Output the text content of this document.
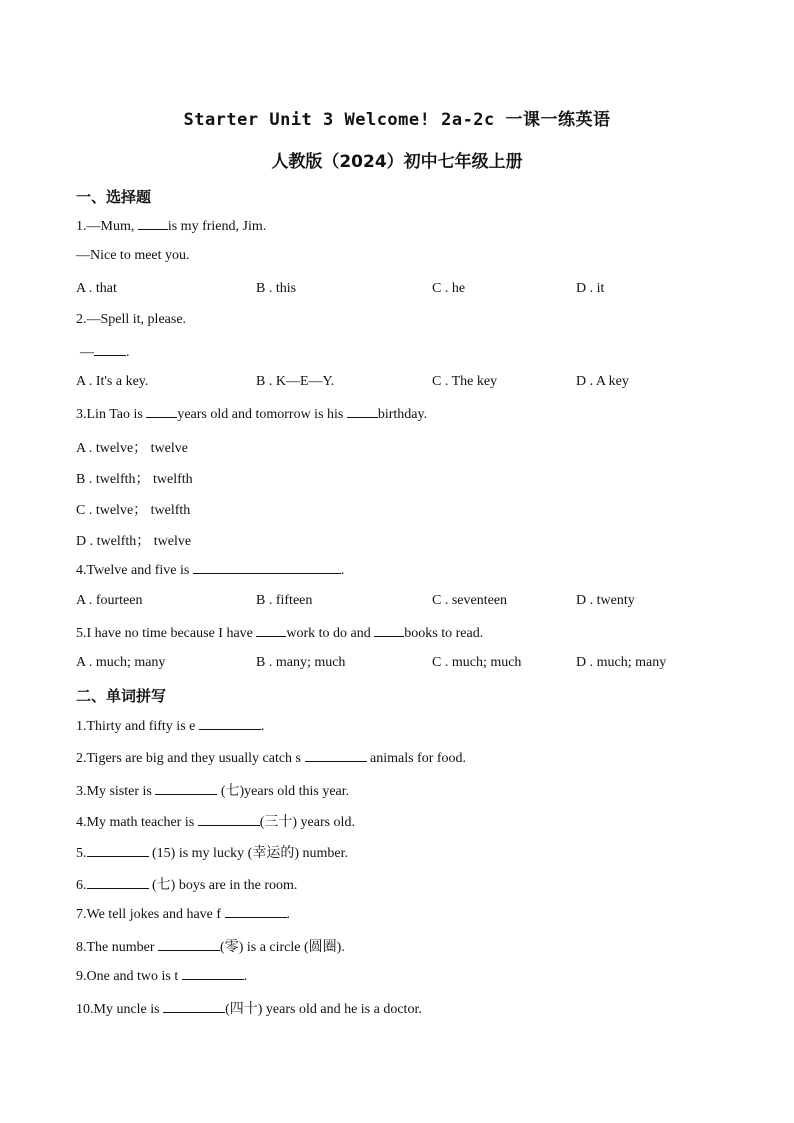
Starter Unit 3 Welcome! 2a-2c 一课一练英语
人教版（2024）初中七年级上册
一、选择题
1.—Mum, is my friend, Jim.
—Nice to meet you.
A . that	B . this	C . he	D . it
2.—Spell it, please.
— .
A . It's a key.	B . K—E—Y.	C . The key	D . A key
3.Lin Tao is years old and tomorrow is his birthday.
A . twelve； twelve
B . twelfth； twelfth
C . twelve； twelfth
D . twelfth； twelve
4.Twelve and five is	.
A . fourteen	B . fifteen	C . seventeen	D . twenty
5.I have no time because I have work to do and books to read.
A . much; many	B . many; much	C . much; much	D . much; many
二、单词拼写
1.Thirty and fifty is e	.
2.Tigers are big and they usually catch s	animals for food.
3.My sister is	(七)years old this year.
4.My math teacher is	(三十) years old.
5.	(15) is my lucky (幸运的) number.
6.	(七) boys are in the room.
7.We tell jokes and have f	.
8.The number	(零) is a circle (圆圈).
9.One and two is t	.
10.My uncle is	(四十) years old and he is a doctor.
